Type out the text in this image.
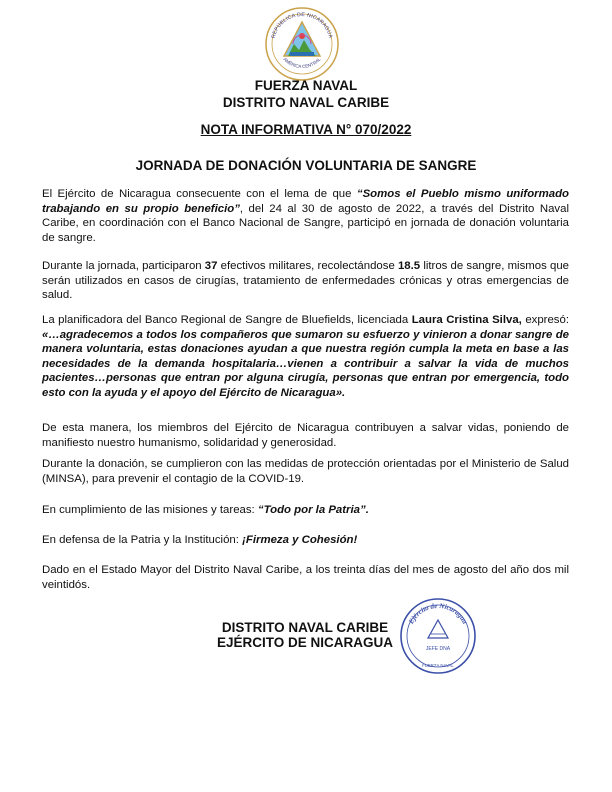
REPÚBLICA DE NICARAGUA
AMÉRICA CENTRAL
FUERZA NAVAL
DISTRITO NAVAL CARIBE
NOTA INFORMATIVA N° 070/2022
JORNADA DE DONACIÓN VOLUNTARIA DE SANGRE
El Ejército de Nicaragua consecuente con el lema de que “Somos el Pueblo mismo uniformado trabajando en su propio beneficio”, del 24 al 30 de agosto de 2022, a través del Distrito Naval Caribe, en coordinación con el Banco Nacional de Sangre, participó en jornada de donación voluntaria de sangre.
Durante la jornada, participaron 37 efectivos militares, recolectándose 18.5 litros de sangre, mismos que serán utilizados en casos de cirugías, tratamiento de enfermedades crónicas y otras emergencias de salud.
La planificadora del Banco Regional de Sangre de Bluefields, licenciada Laura Cristina Silva, expresó: «…agradecemos a todos los compañeros que sumaron su esfuerzo y vinieron a donar sangre de manera voluntaria, estas donaciones ayudan a que nuestra región cumpla la meta en base a las necesidades de la demanda hospitalaria…vienen a contribuir a salvar la vida de muchos pacientes…personas que entran por alguna cirugía, personas que entran por emergencia, todo esto con la ayuda y el apoyo del Ejército de Nicaragua».
De esta manera, los miembros del Ejército de Nicaragua contribuyen a salvar vidas, poniendo de manifiesto nuestro humanismo, solidaridad y generosidad.
Durante la donación, se cumplieron con las medidas de protección orientadas por el Ministerio de Salud (MINSA), para prevenir el contagio de la COVID-19.
En cumplimiento de las misiones y tareas: “Todo por la Patria”.
En defensa de la Patria y la Institución: ¡Firmeza y Cohesión!
Dado en el Estado Mayor del Distrito Naval Caribe, a los treinta días del mes de agosto del año dos mil veintidós.
DISTRITO NAVAL CARIBE
EJÉRCITO DE NICARAGUA
Ejército de Nicaragua
JEFE DNA
FUERZA NAVAL
